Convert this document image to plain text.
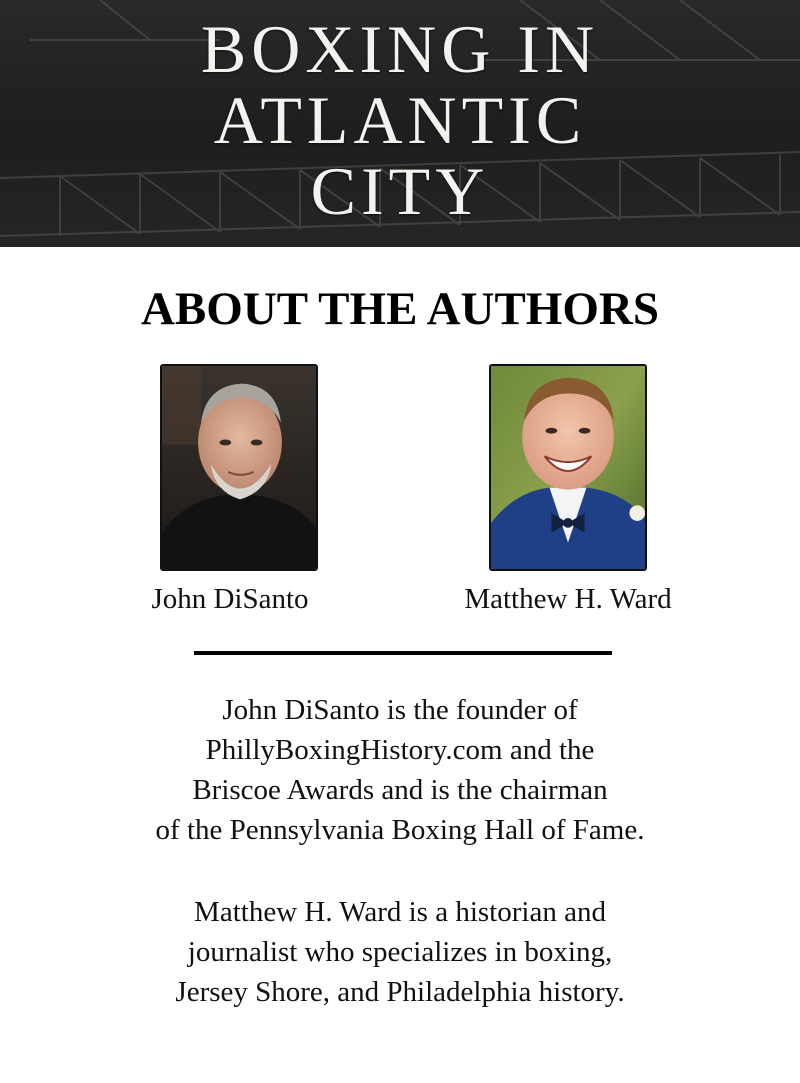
BOXING IN
ATLANTIC
CITY
ABOUT THE AUTHORS
John DiSanto	Matthew H. Ward
John DiSanto is the founder of
PhillyBoxingHistory.com and the
Briscoe Awards and is the chairman
of the Pennsylvania Boxing Hall of Fame.
Matthew H. Ward is a historian and
journalist who specializes in boxing,
Jersey Shore, and Philadelphia history.
